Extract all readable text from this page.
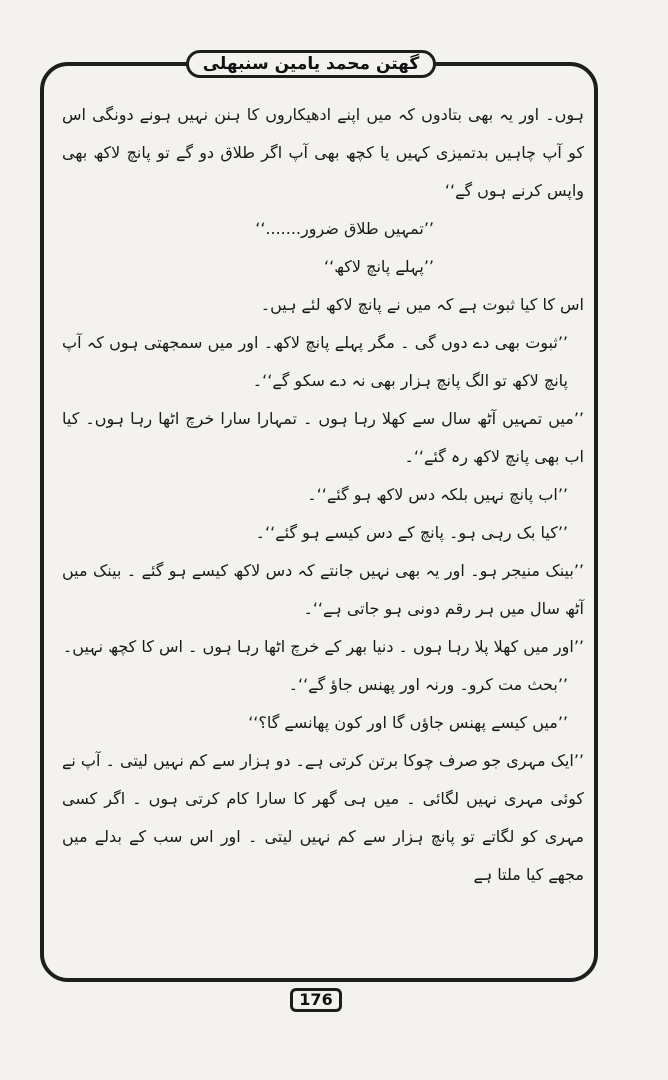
گھتن محمد یامین سنبھلی

ہوں۔ اور یہ بھی بتادوں کہ میں اپنے ادھیکاروں کا ہنن نہیں ہونے دونگی اس کو آپ چاہیں بدتمیزی کہیں یا کچھ بھی آپ اگر طلاق دو گے تو پانچ لاکھ بھی واپس کرنے ہوں گے‘‘

’’تمہیں طلاق ضرور.......‘‘

’’پہلے پانچ لاکھ‘‘

اس کا کیا ثبوت ہے کہ میں نے پانچ لاکھ لئے ہیں۔

’’ثبوت بھی دے دوں گی ۔ مگر پہلے پانچ لاکھ۔ اور میں سمجھتی ہوں کہ آپ پانچ لاکھ تو الگ پانچ ہزار بھی نہ دے سکو گے‘‘۔

’’میں تمہیں آٹھ سال سے کھلا رہا ہوں ۔ تمہارا سارا خرچ اٹھا رہا ہوں۔ کیا اب بھی پانچ لاکھ رہ گئے‘‘۔

’’اب پانچ نہیں بلکہ دس لاکھ ہو گئے‘‘۔

’’کیا بک رہی ہو۔ پانچ کے دس کیسے ہو گئے‘‘۔

’’بینک منیجر ہو۔ اور یہ بھی نہیں جانتے کہ دس لاکھ کیسے ہو گئے ۔ بینک میں آٹھ سال میں ہر رقم دونی ہو جاتی ہے‘‘۔

’’اور میں کھلا پلا رہا ہوں ۔ دنیا بھر کے خرچ اٹھا رہا ہوں ۔ اس کا کچھ نہیں۔

’’بحث مت کرو۔ ورنہ اور پھنس جاؤ گے‘‘۔

’’میں کیسے پھنس جاؤں گا اور کون پھانسے گا؟‘‘

’’ایک مہری جو صرف چوکا برتن کرتی ہے۔ دو ہزار سے کم نہیں لیتی ۔ آپ نے کوئی مہری نہیں لگائی ۔ میں ہی گھر کا سارا کام کرتی ہوں ۔ اگر کسی مہری کو لگاتے تو پانچ ہزار سے کم نہیں لیتی ۔ اور اس سب کے بدلے میں مجھے کیا ملتا ہے

176
